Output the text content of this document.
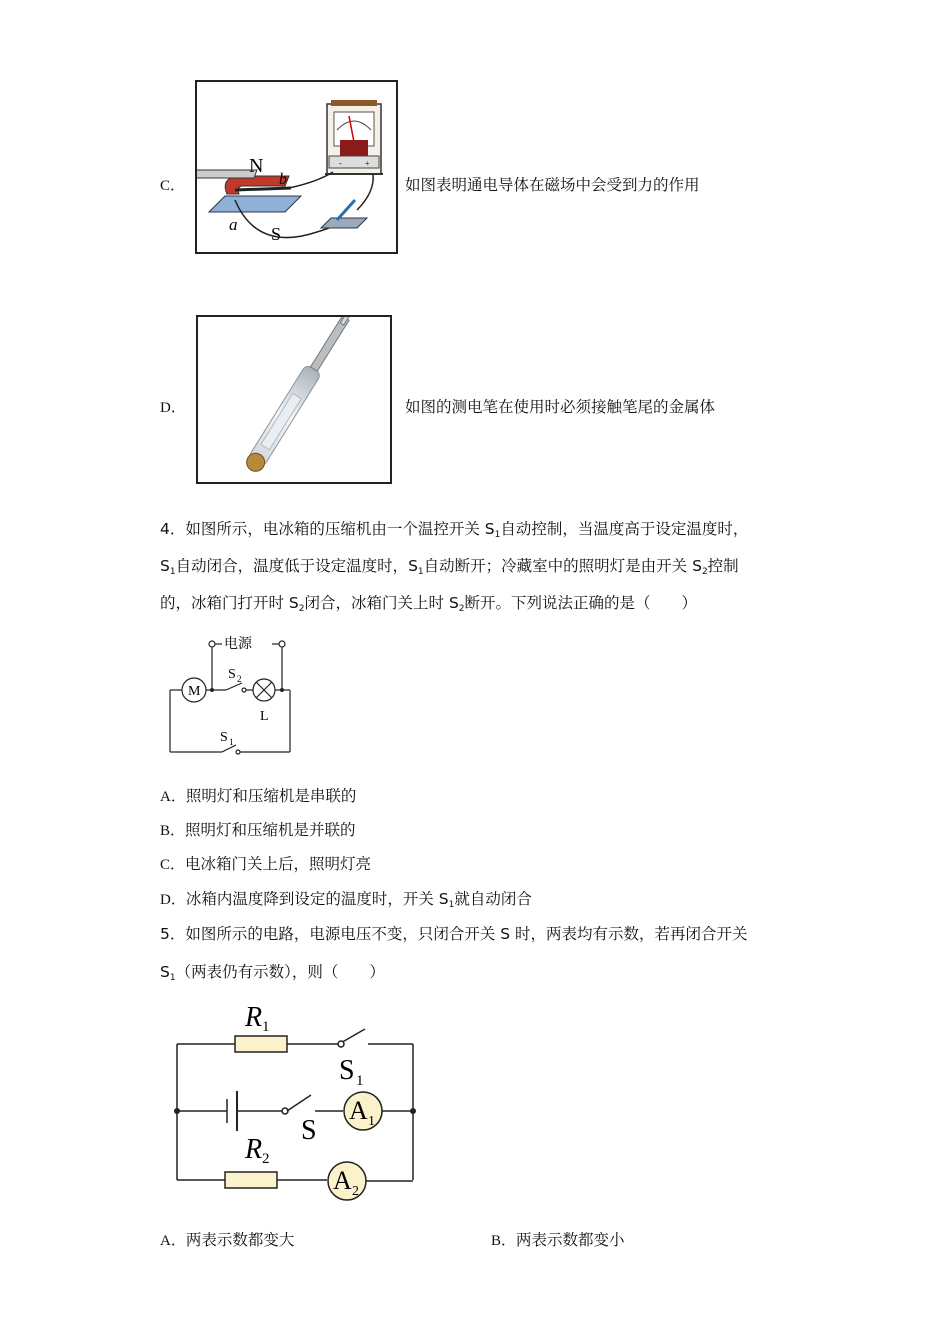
C．
-	+
N
S
a
b	如图表明通电导体在磁场中会受到力的作用
D．	如图的测电笔在使用时必须接触笔尾的金属体
4．如图所示，电冰箱的压缩机由一个温控开关 $S_1$自动控制，当温度高于设定温度时，
$S_1$自动闭合，温度低于设定温度时，$S_1$自动断开；冷藏室中的照明灯是由开关 $S_2$控制
的，冰箱门打开时 $S_2$闭合，冰箱门关上时 $S_2$断开。下列说法正确的是（　　）
电源
M
S 2
L
S 1
A．照明灯和压缩机是串联的
B．照明灯和压缩机是并联的
C．电冰箱门关上后，照明灯亮
D．冰箱内温度降到设定的温度时，开关 $S_1$就自动闭合
5．如图所示的电路，电源电压不变，只闭合开关 S 时，两表均有示数，若再闭合开关
$S_1$（两表仍有示数），则（　　）
R 1
S 1
S
A 1
R 2
A 2
A．两表示数都变大	B．两表示数都变小
